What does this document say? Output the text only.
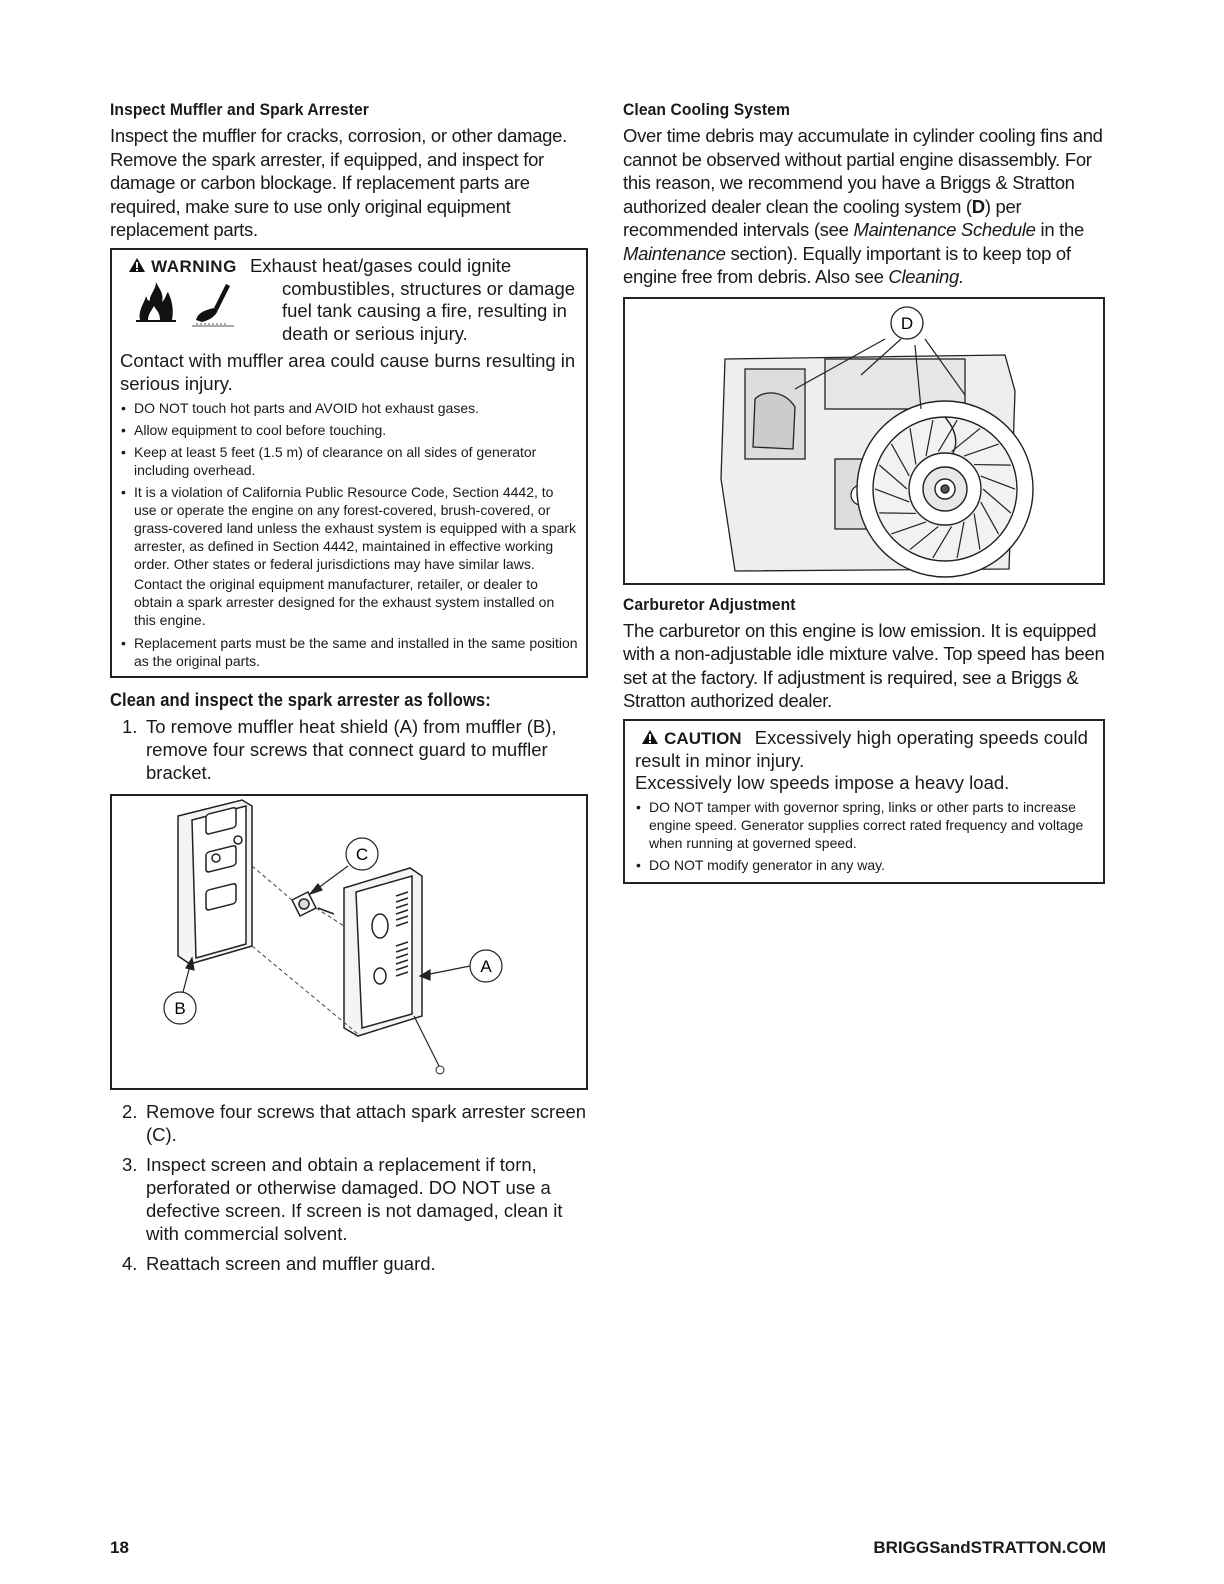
Inspect Muffler and Spark Arrester

Inspect the muffler for cracks, corrosion, or other damage. Remove the spark arrester, if equipped, and inspect for damage or carbon blockage. If replacement parts are required, make sure to use only original equipment replacement parts.

WARNING Exhaust heat/gases could ignite
combustibles, structures or damage fuel tank causing a fire, resulting in death or serious injury.
Contact with muffler area could cause burns resulting in serious injury.
• DO NOT touch hot parts and AVOID hot exhaust gases.
• Allow equipment to cool before touching.
• Keep at least 5 feet (1.5 m) of clearance on all sides of generator including overhead.
• It is a violation of California Public Resource Code, Section 4442, to use or operate the engine on any forest-covered, brush-covered, or grass-covered land unless the exhaust system is equipped with a spark arrester, as defined in Section 4442, maintained in effective working order. Other states or federal jurisdictions may have similar laws.
Contact the original equipment manufacturer, retailer, or dealer to obtain a spark arrester designed for the exhaust system installed on this engine.
• Replacement parts must be the same and installed in the same position as the original parts.
Clean and inspect the spark arrester as follows:
1. To remove muffler heat shield (A) from muffler (B), remove four screws that connect guard to muffler bracket.
C
A
B
2. Remove four screws that attach spark arrester screen (C).
3. Inspect screen and obtain a replacement if torn, perforated or otherwise damaged. DO NOT use a defective screen. If screen is not damaged, clean it with commercial solvent.
4. Reattach screen and muffler guard.
Clean Cooling System

Over time debris may accumulate in cylinder cooling fins and cannot be observed without partial engine disassembly. For this reason, we recommend you have a Briggs & Stratton authorized dealer clean the cooling system (D) per recommended intervals (see Maintenance Schedule in the Maintenance section). Equally important is to keep top of engine free from debris. Also see Cleaning.

D
Carburetor Adjustment

The carburetor on this engine is low emission. It is equipped with a non-adjustable idle mixture valve. Top speed has been set at the factory. If adjustment is required, see a Briggs & Stratton authorized dealer.

CAUTION Excessively high operating speeds could result in minor injury.
Excessively low speeds impose a heavy load.
• DO NOT tamper with governor spring, links or other parts to increase engine speed. Generator supplies correct rated frequency and voltage when running at governed speed.
• DO NOT modify generator in any way.
18	BRIGGSandSTRATTON.COM
